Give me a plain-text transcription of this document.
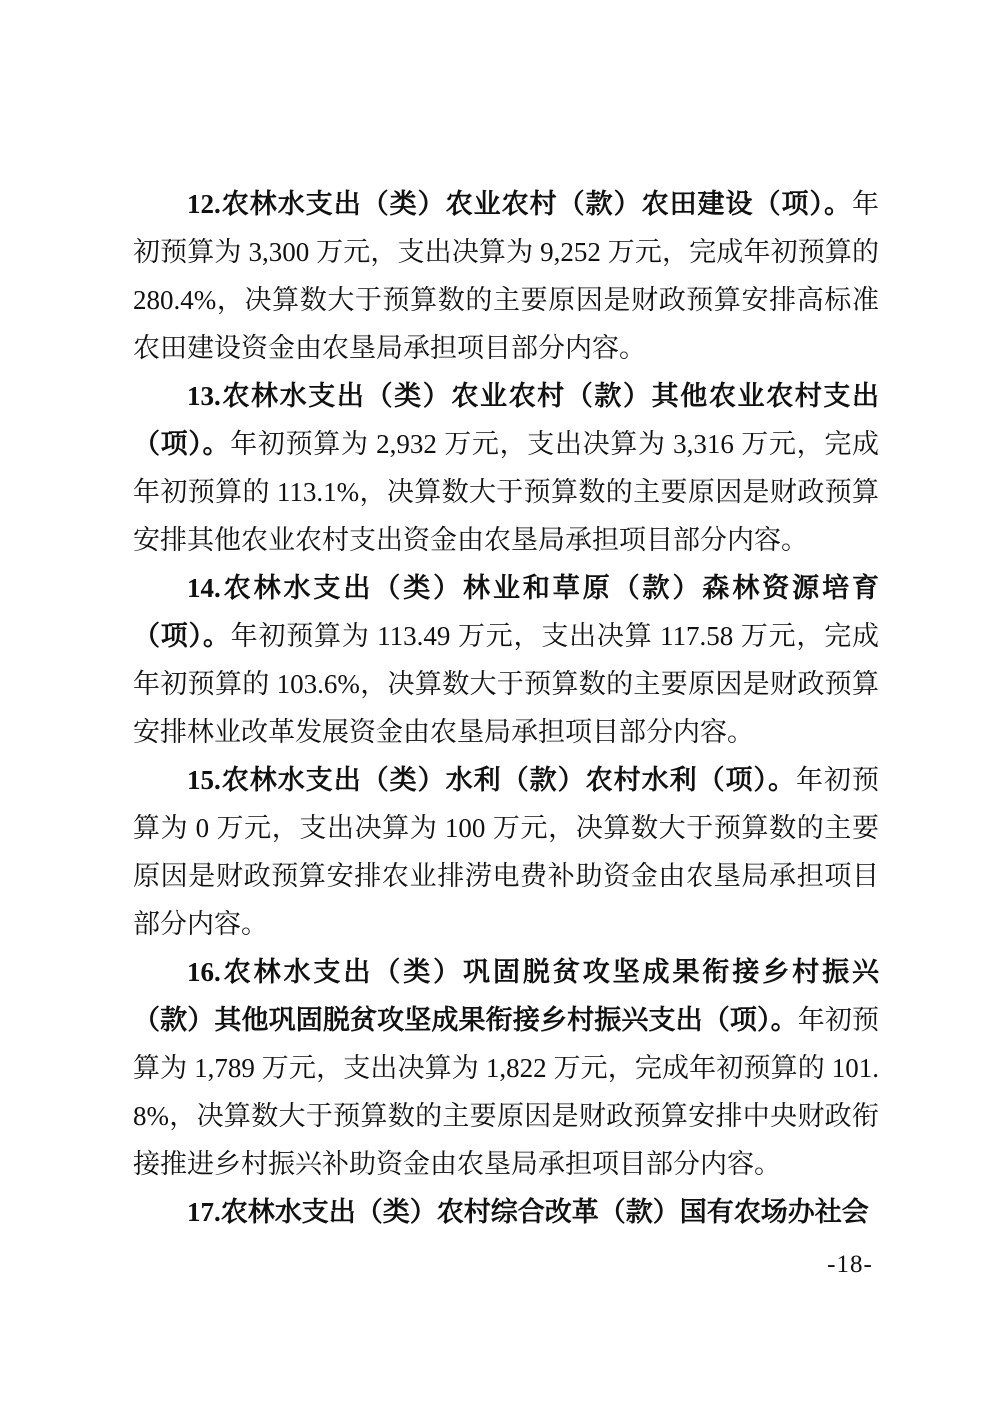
12.农林水支出（类）农业农村（款）农田建设（项）。年初预算为 3,300 万元，支出决算为 9,252 万元，完成年初预算的 280.4%，决算数大于预算数的主要原因是财政预算安排高标准农田建设资金由农垦局承担项目部分内容。

13.农林水支出（类）农业农村（款）其他农业农村支出（项）。年初预算为 2,932 万元，支出决算为 3,316 万元，完成年初预算的 113.1%，决算数大于预算数的主要原因是财政预算安排其他农业农村支出资金由农垦局承担项目部分内容。

14.农林水支出（类）林业和草原（款）森林资源培育（项）。年初预算为 113.49 万元，支出决算 117.58 万元，完成年初预算的 103.6%，决算数大于预算数的主要原因是财政预算安排林业改革发展资金由农垦局承担项目部分内容。

15.农林水支出（类）水利（款）农村水利（项）。年初预算为 0 万元，支出决算为 100 万元，决算数大于预算数的主要原因是财政预算安排农业排涝电费补助资金由农垦局承担项目部分内容。

16.农林水支出（类）巩固脱贫攻坚成果衔接乡村振兴（款）其他巩固脱贫攻坚成果衔接乡村振兴支出（项）。年初预算为 1,789 万元，支出决算为 1,822 万元，完成年初预算的 101.8%，决算数大于预算数的主要原因是财政预算安排中央财政衔接推进乡村振兴补助资金由农垦局承担项目部分内容。

17.农林水支出（类）农村综合改革（款）国有农场办社会

-18-
